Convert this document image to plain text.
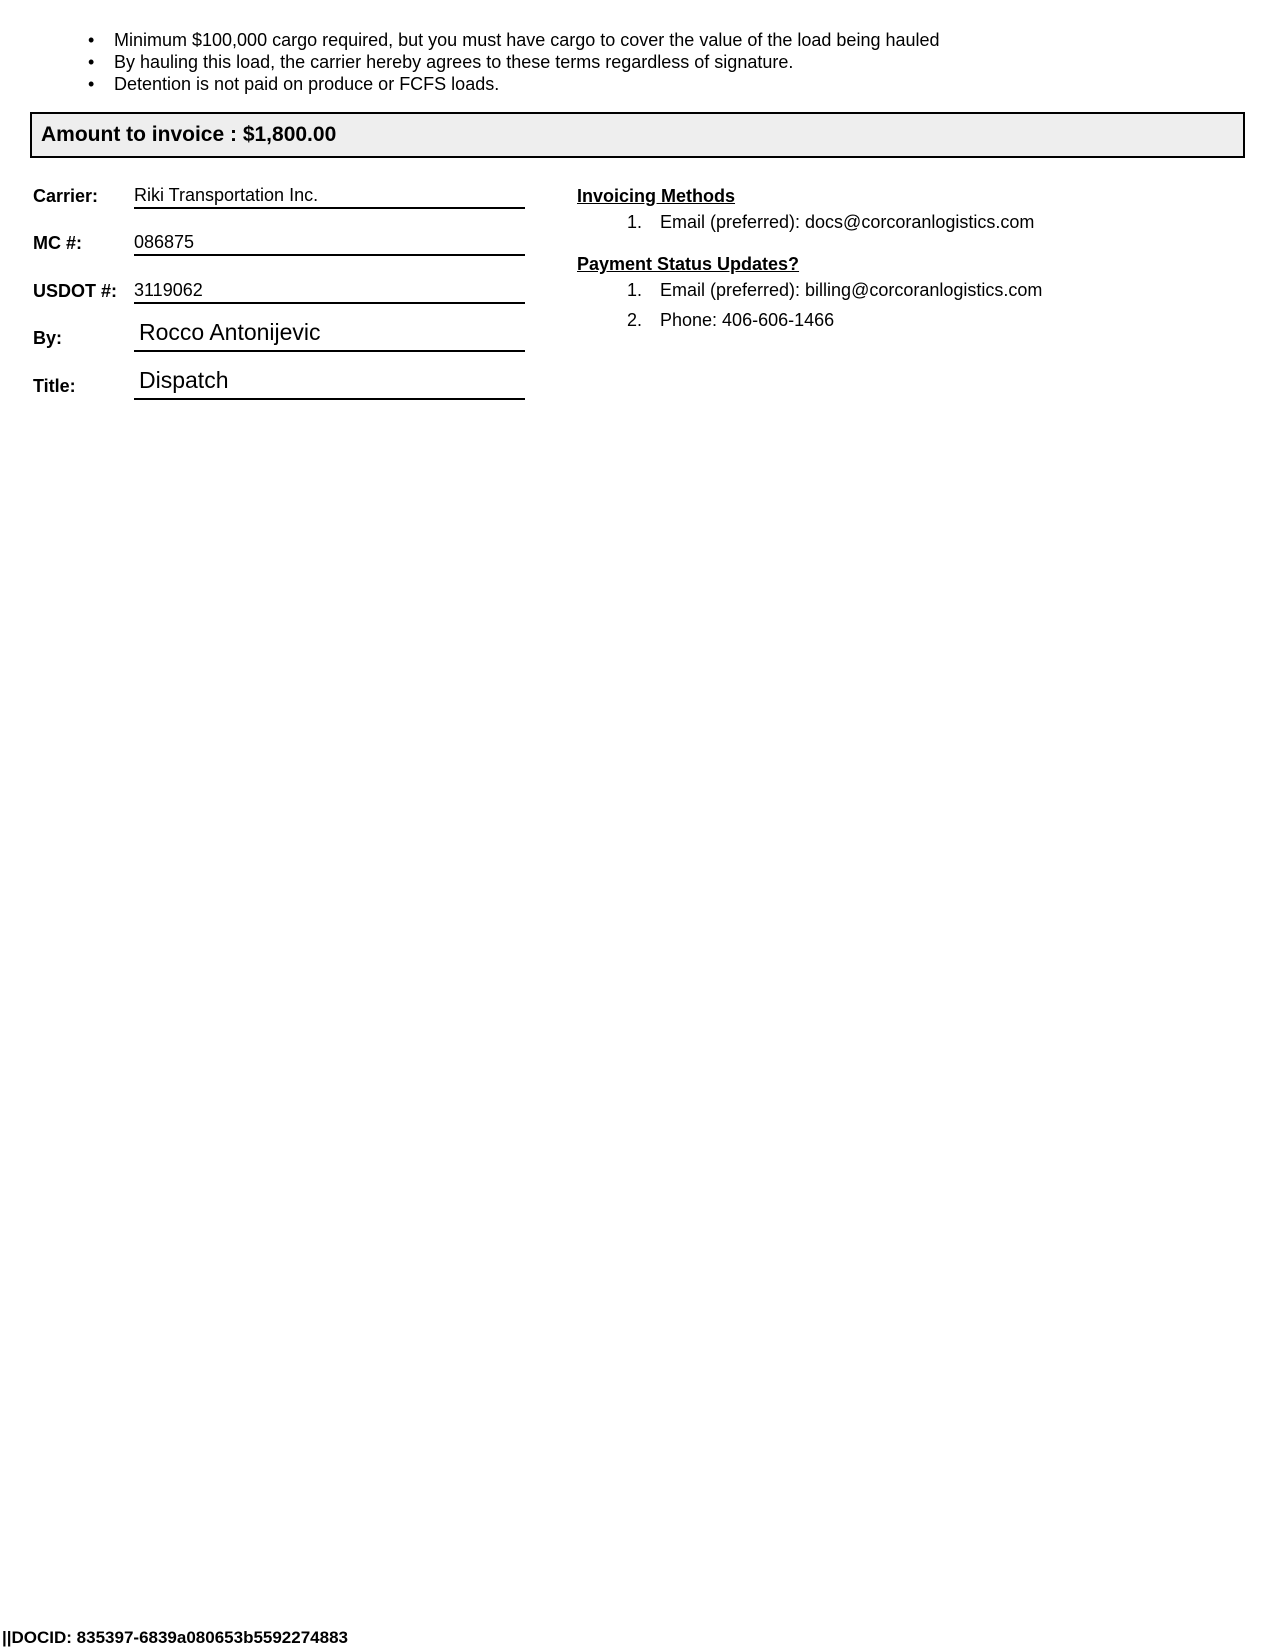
• Minimum $100,000 cargo required, but you must have cargo to cover the value of the load being hauled
• By hauling this load, the carrier hereby agrees to these terms regardless of signature.
• Detention is not paid on produce or FCFS loads.
Amount to invoice : $1,800.00
Carrier: Riki Transportation Inc.
MC #:	086875
USDOT #: 3119062
By:	Rocco Antonijevic
Title:	Dispatch
Invoicing Methods
1. Email (preferred): docs@corcoranlogistics.com
Payment Status Updates?
1. Email (preferred): billing@corcoranlogistics.com
2. Phone: 406-606-1466
||DOCID: 835397-6839a080653b5592274883
